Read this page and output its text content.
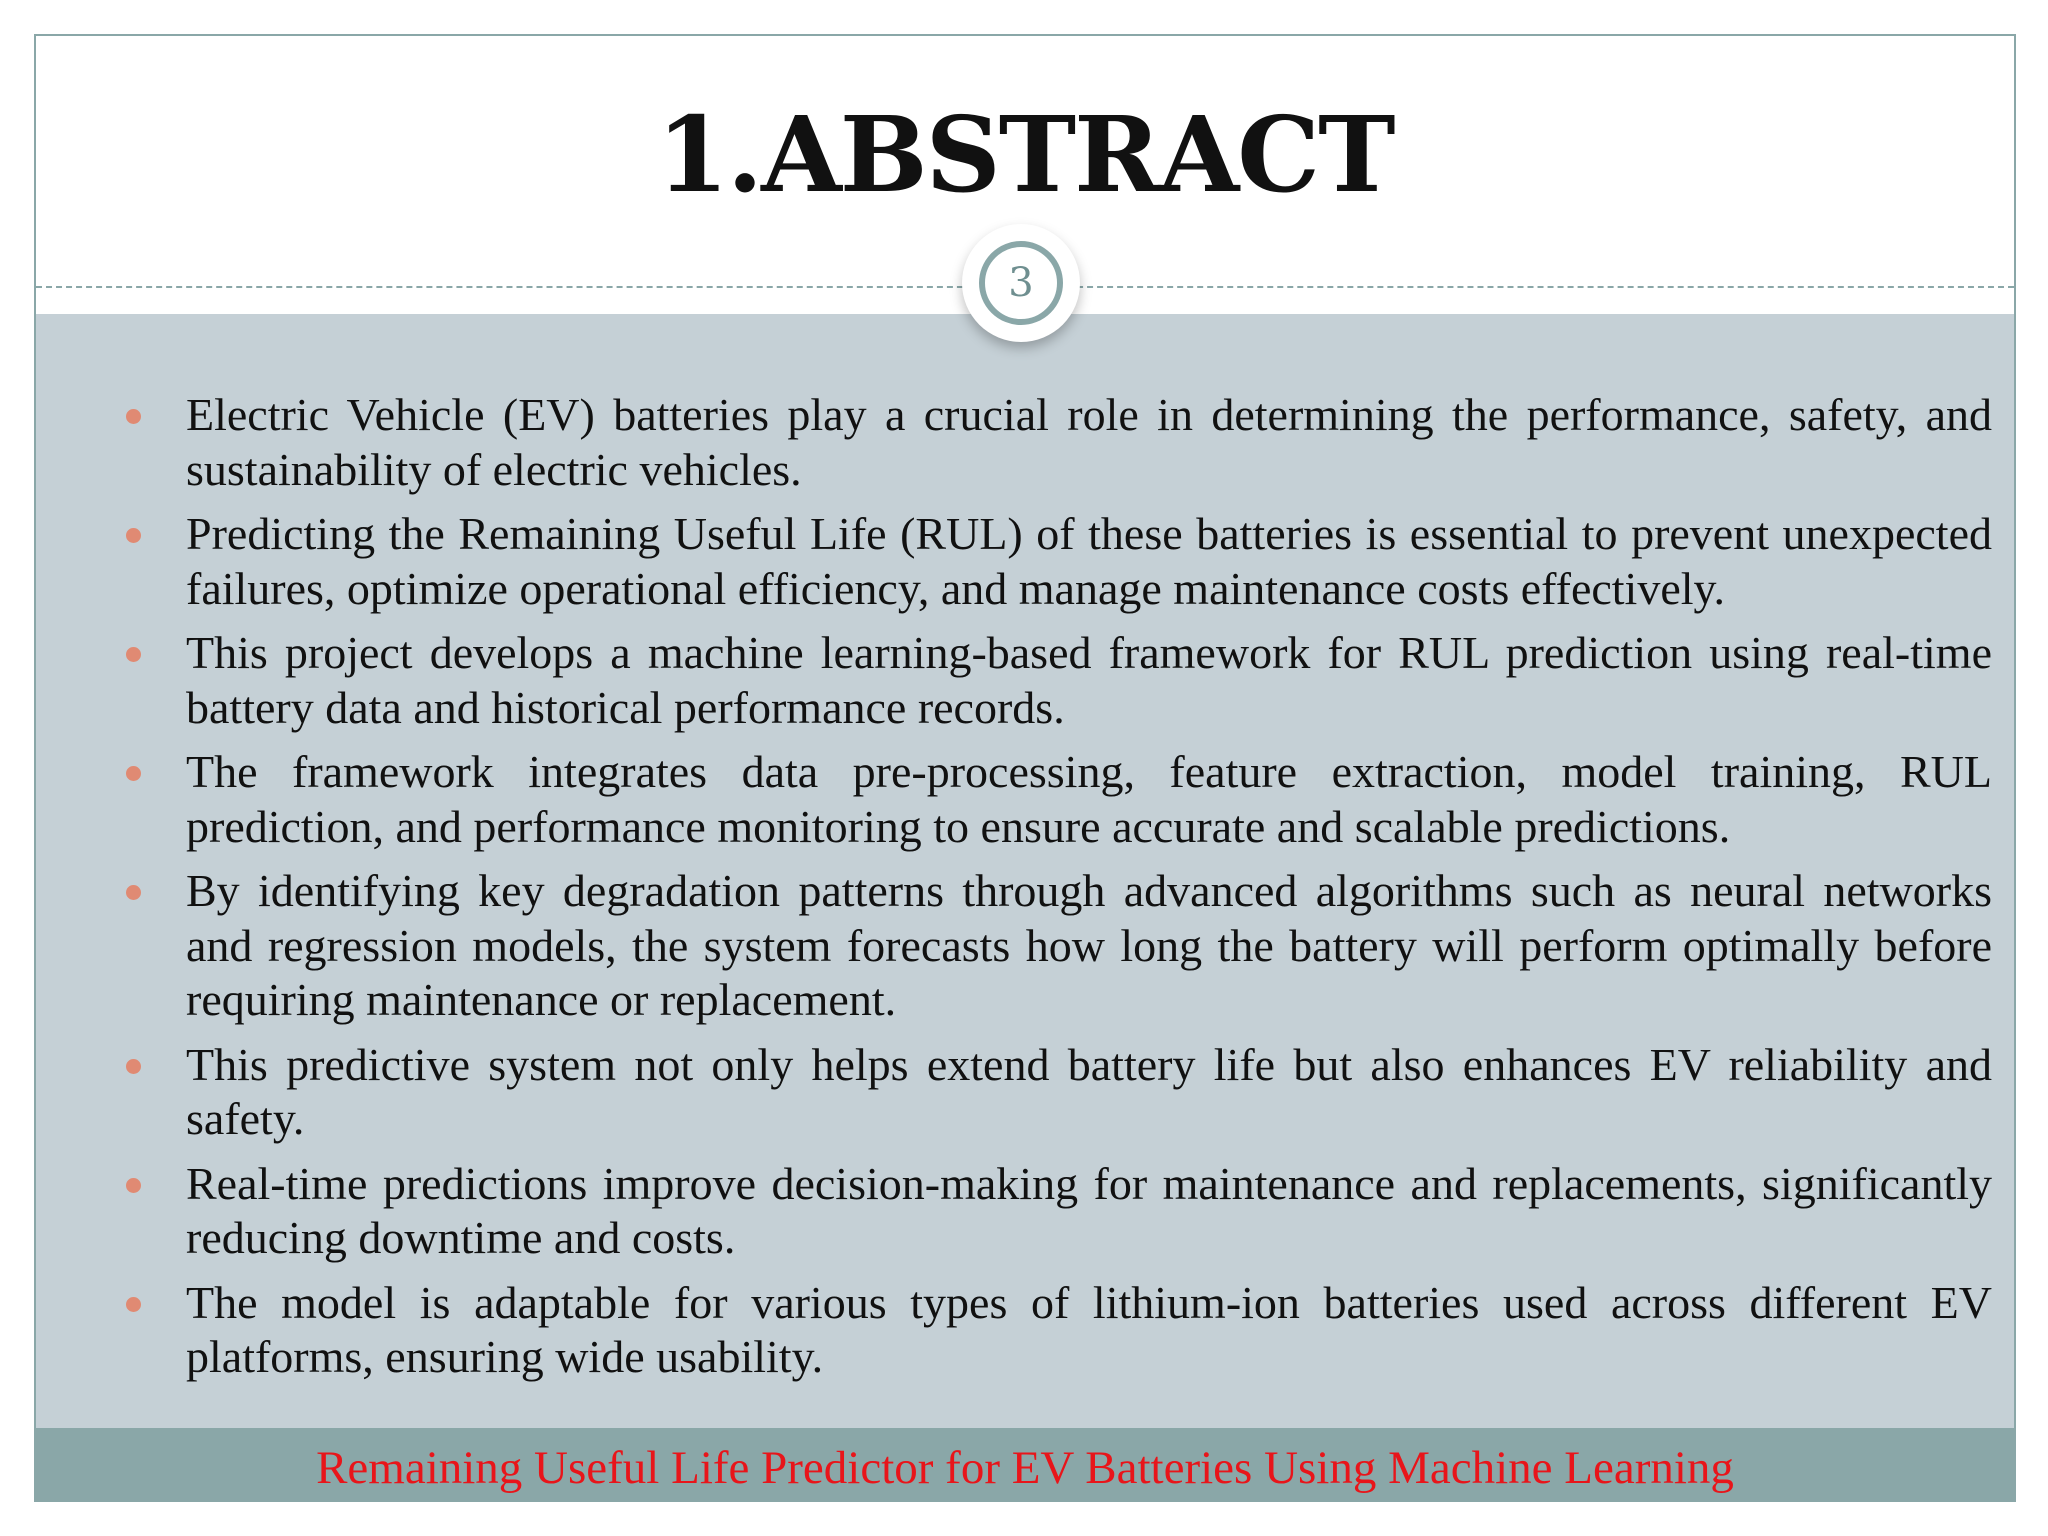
1.ABSTRACT
3
Electric Vehicle (EV) batteries play a crucial role in determining the performance, safety, and sustainability of electric vehicles.
Predicting the Remaining Useful Life (RUL) of these batteries is essential to prevent unexpected failures, optimize operational efficiency, and manage maintenance costs effectively.
This project develops a machine learning-based framework for RUL prediction using real-time battery data and historical performance records.
The framework integrates data pre-processing, feature extraction, model training, RUL prediction, and performance monitoring to ensure accurate and scalable predictions.
By identifying key degradation patterns through advanced algorithms such as neural networks and regression models, the system forecasts how long the battery will perform optimally before requiring maintenance or replacement.
This predictive system not only helps extend battery life but also enhances EV reliability and safety.
Real-time predictions improve decision-making for maintenance and replacements, significantly reducing downtime and costs.
The model is adaptable for various types of lithium-ion batteries used across different EV platforms, ensuring wide usability.
Remaining Useful Life Predictor for EV Batteries Using Machine Learning
